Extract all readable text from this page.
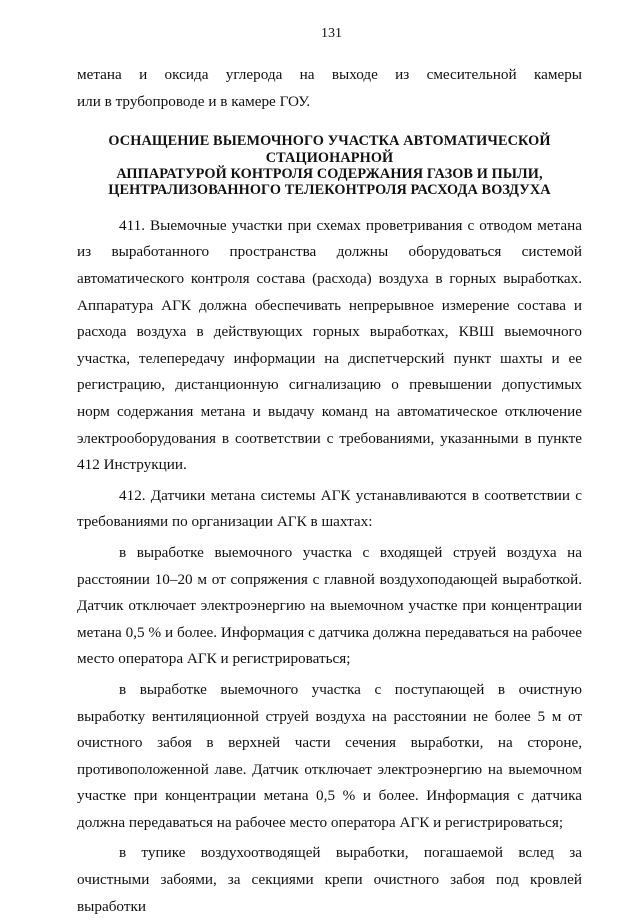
131

метана и оксида углерода на выходе из смесительной камеры

или в трубопроводе и в камере ГОУ.

ОСНАЩЕНИЕ ВЫЕМОЧНОГО УЧАСТКА АВТОМАТИЧЕСКОЙ СТАЦИОНАРНОЙ
АППАРАТУРОЙ КОНТРОЛЯ СОДЕРЖАНИЯ ГАЗОВ И ПЫЛИ,
ЦЕНТРАЛИЗОВАННОГО ТЕЛЕКОНТРОЛЯ РАСХОДА ВОЗДУХА

411. Выемочные участки при схемах проветривания с отводом метана из выработанного пространства должны оборудоваться системой автоматического контроля состава (расхода) воздуха в горных выработках. Аппаратура АГК должна обеспечивать непрерывное измерение состава и расхода воздуха в действующих горных выработках, КВШ выемочного участка, телепередачу информации на диспетчерский пункт шахты и ее регистрацию, дистанционную сигнализацию о превышении допустимых норм содержания метана и выдачу команд на автоматическое отключение электрооборудования в соответствии с требованиями, указанными в пункте 412 Инструкции.

412. Датчики метана системы АГК устанавливаются в соответствии с требованиями по организации АГК в шахтах:

в выработке выемочного участка с входящей струей воздуха на расстоянии 10–20 м от сопряжения с главной воздухоподающей выработкой. Датчик отключает электроэнергию на выемочном участке при концентрации метана 0,5 % и более. Информация с датчика должна передаваться на рабочее место оператора АГК и регистрироваться;

в выработке выемочного участка с поступающей в очистную выработку вентиляционной струей воздуха на расстоянии не более 5 м от очистного забоя в верхней части сечения выработки, на стороне, противоположенной лаве. Датчик отключает электроэнергию на выемочном участке при концентрации метана 0,5 % и более. Информация с датчика должна передаваться на рабочее место оператора АГК и регистрироваться;

в тупике воздухоотводящей выработки, погашаемой вслед за очистными забоями, за секциями крепи очистного забоя под кровлей выработки
